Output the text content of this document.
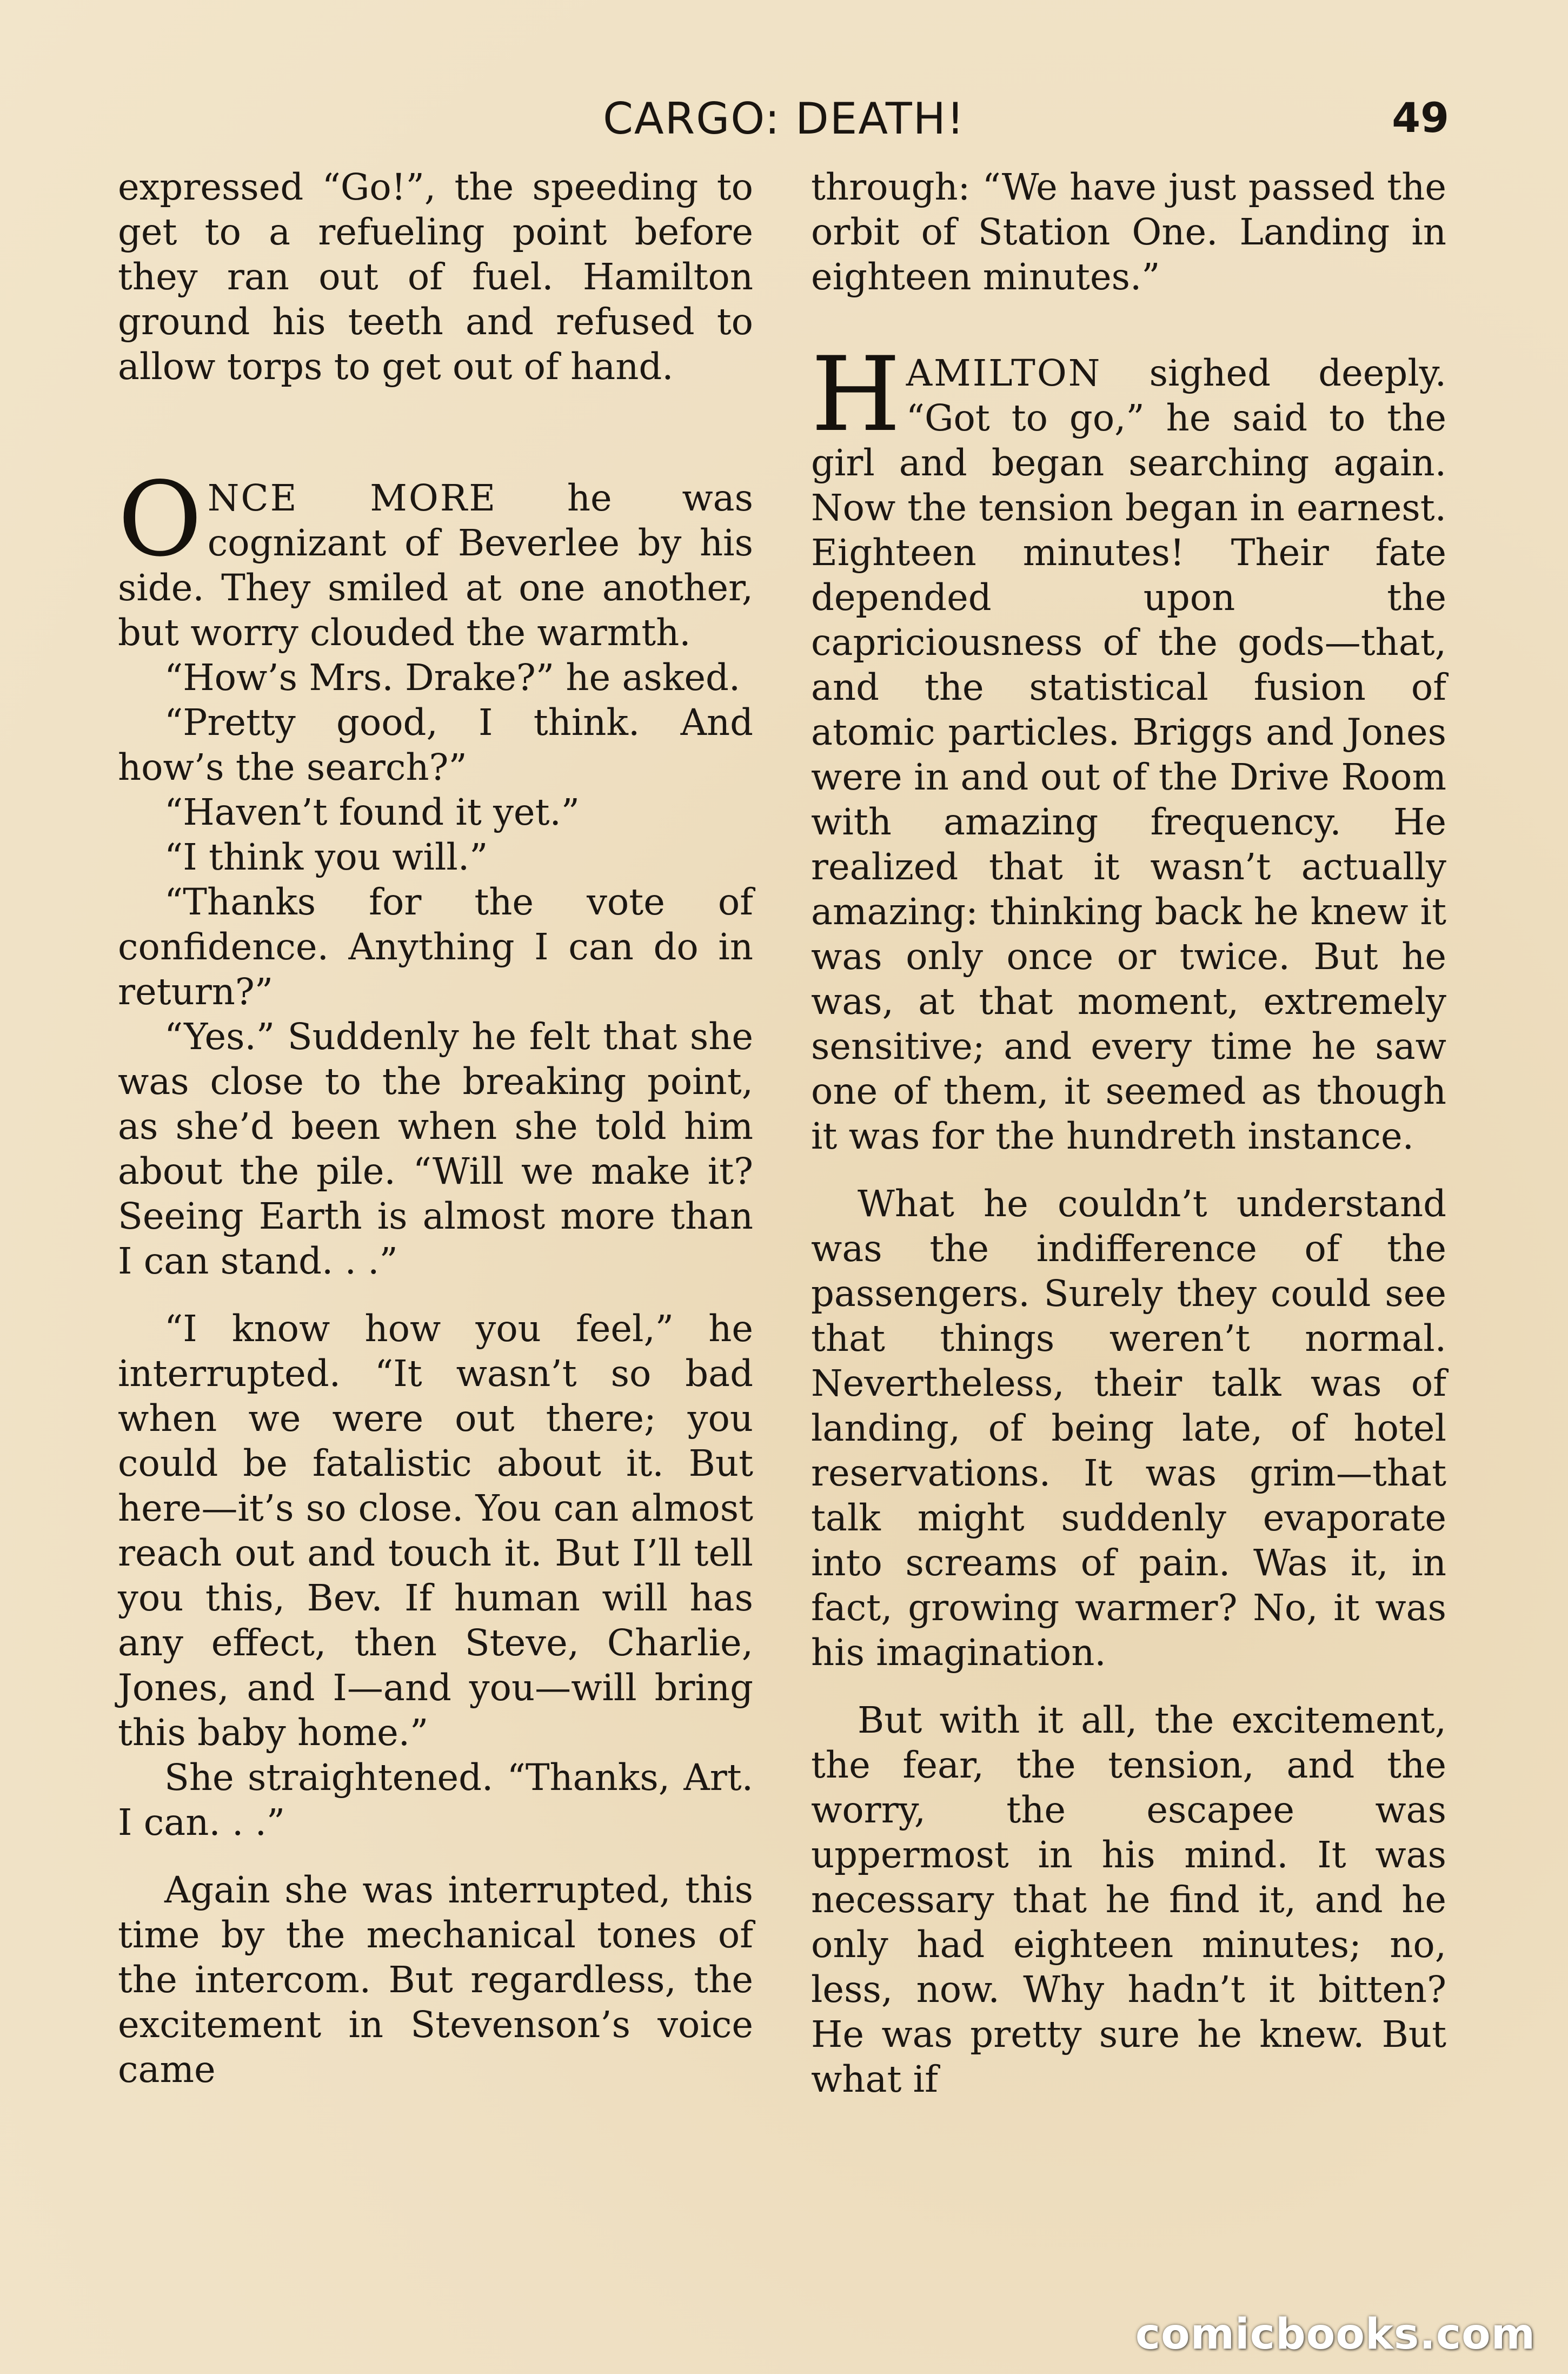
CARGO: DEATH!	49

expressed “Go!”, the speeding to get to a refueling point before they ran out of fuel. Hamilton ground his teeth and refused to allow torps to get out of hand.

ONCE MORE he was cognizant of Beverlee by his side. They smiled at one another, but worry clouded the warmth.

“How’s Mrs. Drake?” he asked.

“Pretty good, I think. And how’s the search?”

“Haven’t found it yet.”

“I think you will.”

“Thanks for the vote of confidence. Anything I can do in return?”

“Yes.” Suddenly he felt that she was close to the breaking point, as she’d been when she told him about the pile. “Will we make it? Seeing Earth is almost more than I can stand. . .”

“I know how you feel,” he interrupted. “It wasn’t so bad when we were out there; you could be fatalistic about it. But here—it’s so close. You can almost reach out and touch it. But I’ll tell you this, Bev. If human will has any effect, then Steve, Charlie, Jones, and I—and you—will bring this baby home.”

She straightened. “Thanks, Art. I can. . .”

Again she was interrupted, this time by the mechanical tones of the intercom. But regardless, the excitement in Stevenson’s voice came

through: “We have just passed the orbit of Station One. Landing in eighteen minutes.”

HAMILTON sighed deeply. “Got to go,” he said to the girl and began searching again. Now the tension began in earnest. Eighteen minutes! Their fate depended upon the capriciousness of the gods—that, and the statistical fusion of atomic particles. Briggs and Jones were in and out of the Drive Room with amazing frequency. He realized that it wasn’t actually amazing: thinking back he knew it was only once or twice. But he was, at that moment, extremely sensitive; and every time he saw one of them, it seemed as though it was for the hundreth instance.

What he couldn’t understand was the indifference of the passengers. Surely they could see that things weren’t normal. Nevertheless, their talk was of landing, of being late, of hotel reservations. It was grim—that talk might suddenly evaporate into screams of pain. Was it, in fact, growing warmer? No, it was his imagination.

But with it all, the excitement, the fear, the tension, and the worry, the escapee was uppermost in his mind. It was necessary that he find it, and he only had eighteen minutes; no, less, now. Why hadn’t it bitten? He was pretty sure he knew. But what if

comicbooks.com
